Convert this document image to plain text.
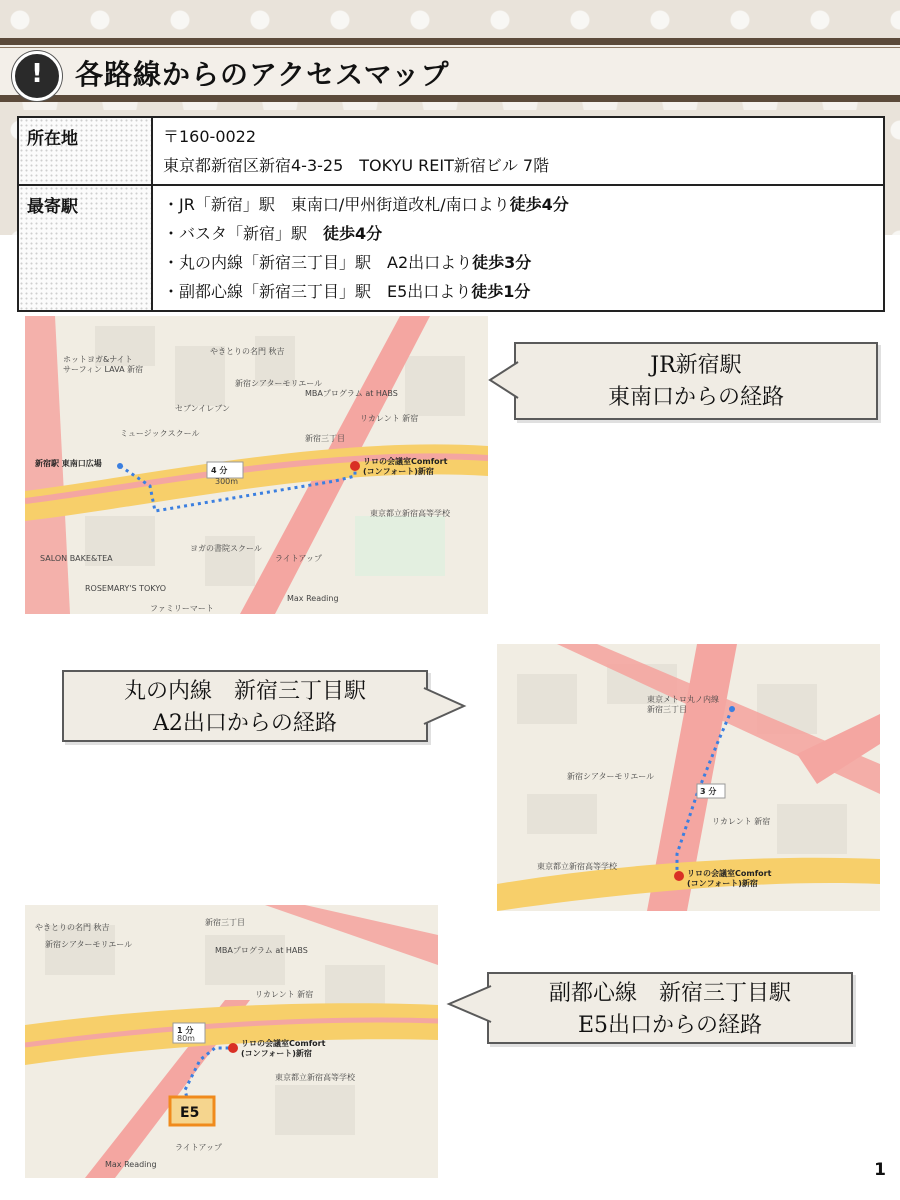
!	各路線からのアクセスマップ
所在地	〒160-0022
東京都新宿区新宿4-3-25　TOKYU REIT新宿ビル 7階

最寄駅	・JR「新宿」駅　東南口/甲州街道改札/南口より徒歩4分
・バスタ「新宿」駅　徒歩4分
・丸の内線「新宿三丁目」駅　A2出口より徒歩3分
・副都心線「新宿三丁目」駅　E5出口より徒歩1分
4 分
300m
リロの会議室Comfort
(コンフォート)新宿
新宿駅 東南口広場
ホットヨガ&ナイト
サーフィン LAVA 新宿
やきとりの名門 秋吉
新宿シアターモリエール
MBAプログラム at HABS
セブンイレブン
ミュージックスクール
リカレント 新宿
東京都立新宿高等学校
ヨガの書院スクール
ライトアップ
Max Reading
SALON BAKE&TEA
ROSEMARY'S TOKYO
ファミリーマート
新宿三丁目
JR新宿駅
東南口からの経路
丸の内線　新宿三丁目駅
A2出口からの経路
3 分
リロの会議室Comfort
(コンフォート)新宿
東京メトロ丸ノ内線
新宿三丁目
新宿シアターモリエール
東京都立新宿高等学校
リカレント 新宿
1 分
80m
リロの会議室Comfort
(コンフォート)新宿
E5
やきとりの名門 秋吉
新宿シアターモリエール
MBAプログラム at HABS
リカレント 新宿
東京都立新宿高等学校
ライトアップ
Max Reading
新宿三丁目
副都心線　新宿三丁目駅
E5出口からの経路
1
